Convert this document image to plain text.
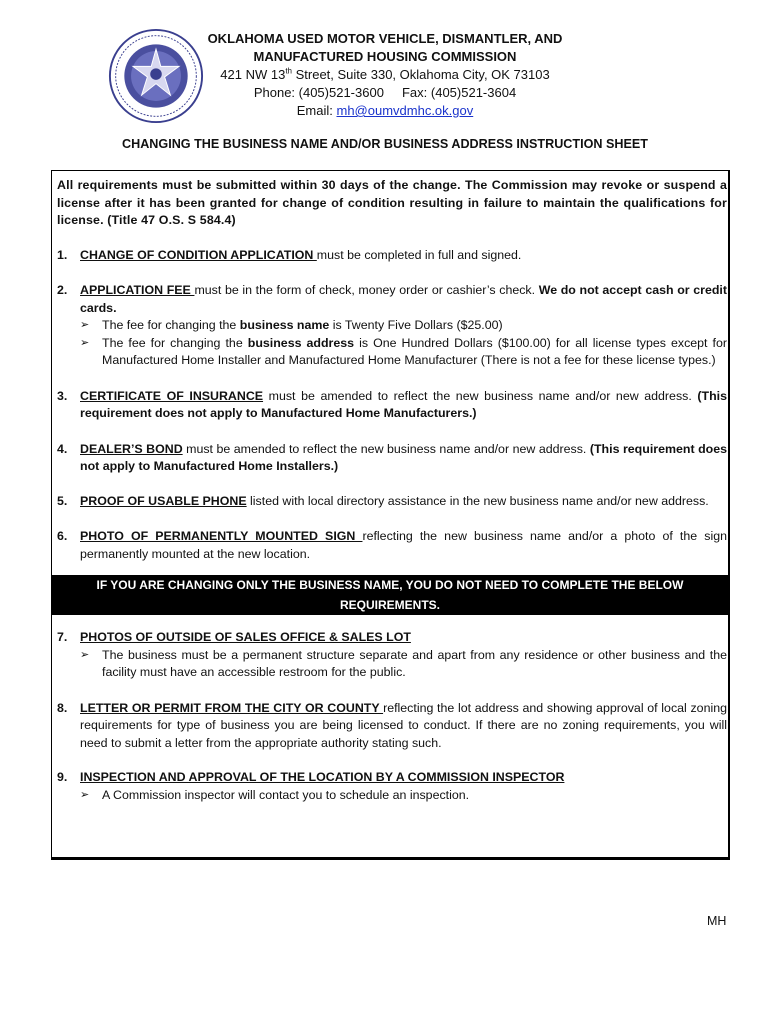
OKLAHOMA USED MOTOR VEHICLE, DISMANTLER, AND
MANUFACTURED HOUSING COMMISSION
421 NW 13th Street, Suite 330, Oklahoma City, OK 73103
Phone: (405)521-3600     Fax: (405)521-3604
Email: mh@oumvdmhc.ok.gov
CHANGING THE BUSINESS NAME AND/OR BUSINESS ADDRESS INSTRUCTION SHEET
All requirements must be submitted within 30 days of the change. The Commission may revoke or suspend a license after it has been granted for change of condition resulting in failure to maintain the qualifications for license. (Title 47 O.S. S 584.4)
1. CHANGE OF CONDITION APPLICATION must be completed in full and signed.
2. APPLICATION FEE must be in the form of check, money order or cashier’s check. We do not accept cash or credit cards.
➢ The fee for changing the business name is Twenty Five Dollars ($25.00)
➢ The fee for changing the business address is One Hundred Dollars ($100.00) for all license types except for Manufactured Home Installer and Manufactured Home Manufacturer (There is not a fee for these license types.)
3. CERTIFICATE OF INSURANCE must be amended to reflect the new business name and/or new address. (This requirement does not apply to Manufactured Home Manufacturers.)
4. DEALER’S BOND must be amended to reflect the new business name and/or new address. (This requirement does not apply to Manufactured Home Installers.)
5. PROOF OF USABLE PHONE listed with local directory assistance in the new business name and/or new address.
6. PHOTO OF PERMANENTLY MOUNTED SIGN reflecting the new business name and/or a photo of the sign permanently mounted at the new location.
IF YOU ARE CHANGING ONLY THE BUSINESS NAME, YOU DO NOT NEED TO COMPLETE THE BELOW REQUIREMENTS.
7. PHOTOS OF OUTSIDE OF SALES OFFICE & SALES LOT
➢ The business must be a permanent structure separate and apart from any residence or other business and the facility must have an accessible restroom for the public.
8. LETTER OR PERMIT FROM THE CITY OR COUNTY reflecting the lot address and showing approval of local zoning requirements for type of business you are being licensed to conduct. If there are no zoning requirements, you will need to submit a letter from the appropriate authority stating such.
9. INSPECTION AND APPROVAL OF THE LOCATION BY A COMMISSION INSPECTOR
➢ A Commission inspector will contact you to schedule an inspection.
MH
